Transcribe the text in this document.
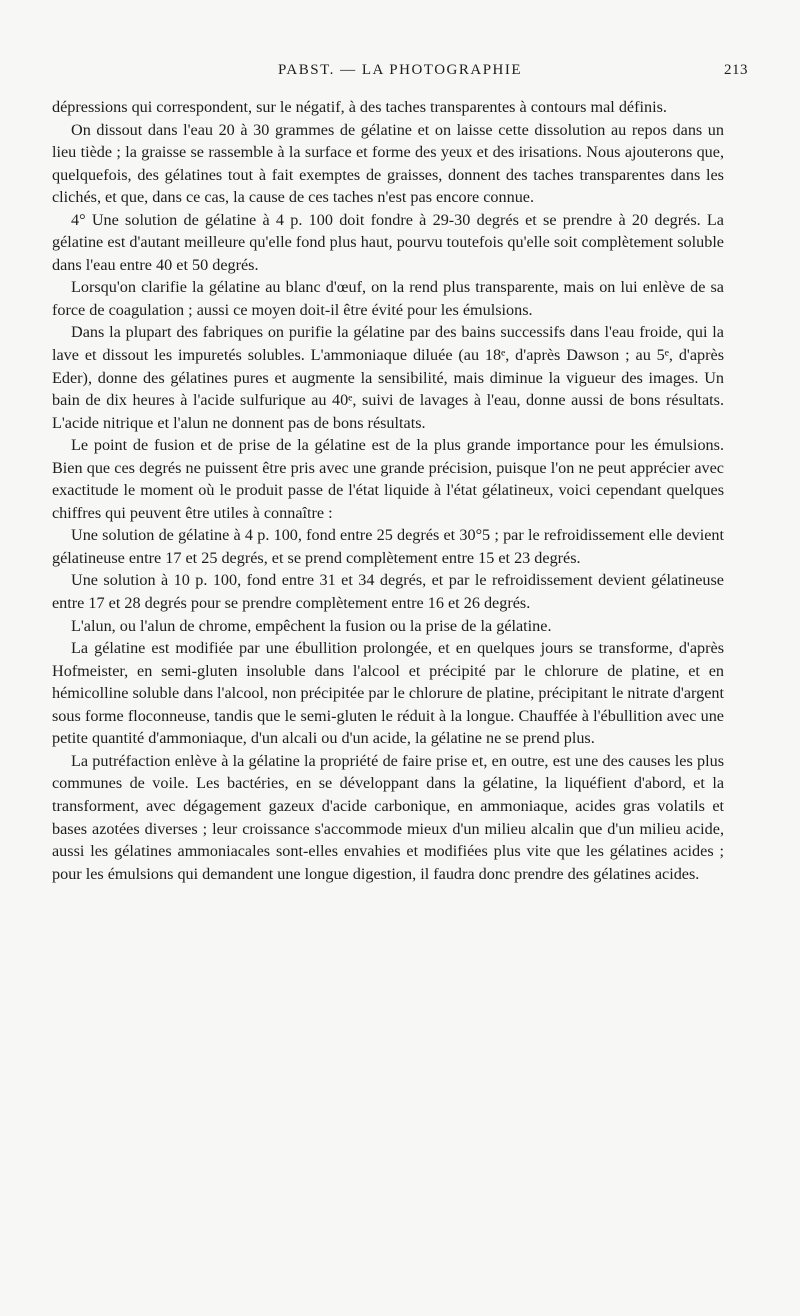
PABST. — LA PHOTOGRAPHIE	213

dépressions qui correspondent, sur le négatif, à des taches transparentes à contours mal définis.

On dissout dans l'eau 20 à 30 grammes de gélatine et on laisse cette dissolution au repos dans un lieu tiède ; la graisse se rassemble à la surface et forme des yeux et des irisations. Nous ajouterons que, quelquefois, des gélatines tout à fait exemptes de graisses, donnent des taches transparentes dans les clichés, et que, dans ce cas, la cause de ces taches n'est pas encore connue.

4° Une solution de gélatine à 4 p. 100 doit fondre à 29-30 degrés et se prendre à 20 degrés. La gélatine est d'autant meilleure qu'elle fond plus haut, pourvu toutefois qu'elle soit complètement soluble dans l'eau entre 40 et 50 degrés.

Lorsqu'on clarifie la gélatine au blanc d'œuf, on la rend plus transparente, mais on lui enlève de sa force de coagulation ; aussi ce moyen doit-il être évité pour les émulsions.

Dans la plupart des fabriques on purifie la gélatine par des bains successifs dans l'eau froide, qui la lave et dissout les impuretés solubles. L'ammoniaque diluée (au 18ᵉ, d'après Dawson ; au 5ᵉ, d'après Eder), donne des gélatines pures et augmente la sensibilité, mais diminue la vigueur des images. Un bain de dix heures à l'acide sulfurique au 40ᵉ, suivi de lavages à l'eau, donne aussi de bons résultats. L'acide nitrique et l'alun ne donnent pas de bons résultats.

Le point de fusion et de prise de la gélatine est de la plus grande importance pour les émulsions. Bien que ces degrés ne puissent être pris avec une grande précision, puisque l'on ne peut apprécier avec exactitude le moment où le produit passe de l'état liquide à l'état gélatineux, voici cependant quelques chiffres qui peuvent être utiles à connaître :

Une solution de gélatine à 4 p. 100, fond entre 25 degrés et 30°5 ; par le refroidissement elle devient gélatineuse entre 17 et 25 degrés, et se prend complètement entre 15 et 23 degrés.

Une solution à 10 p. 100, fond entre 31 et 34 degrés, et par le refroidissement devient gélatineuse entre 17 et 28 degrés pour se prendre complètement entre 16 et 26 degrés.

L'alun, ou l'alun de chrome, empêchent la fusion ou la prise de la gélatine.

La gélatine est modifiée par une ébullition prolongée, et en quelques jours se transforme, d'après Hofmeister, en semi-gluten insoluble dans l'alcool et précipité par le chlorure de platine, et en hémicolline soluble dans l'alcool, non précipitée par le chlorure de platine, précipitant le nitrate d'argent sous forme floconneuse, tandis que le semi-gluten le réduit à la longue. Chauffée à l'ébullition avec une petite quantité d'ammoniaque, d'un alcali ou d'un acide, la gélatine ne se prend plus.

La putréfaction enlève à la gélatine la propriété de faire prise et, en outre, est une des causes les plus communes de voile. Les bactéries, en se développant dans la gélatine, la liquéfient d'abord, et la transforment, avec dégagement gazeux d'acide carbonique, en ammoniaque, acides gras volatils et bases azotées diverses ; leur croissance s'accommode mieux d'un milieu alcalin que d'un milieu acide, aussi les gélatines ammoniacales sont-elles envahies et modifiées plus vite que les gélatines acides ; pour les émulsions qui demandent une longue digestion, il faudra donc prendre des gélatines acides.
